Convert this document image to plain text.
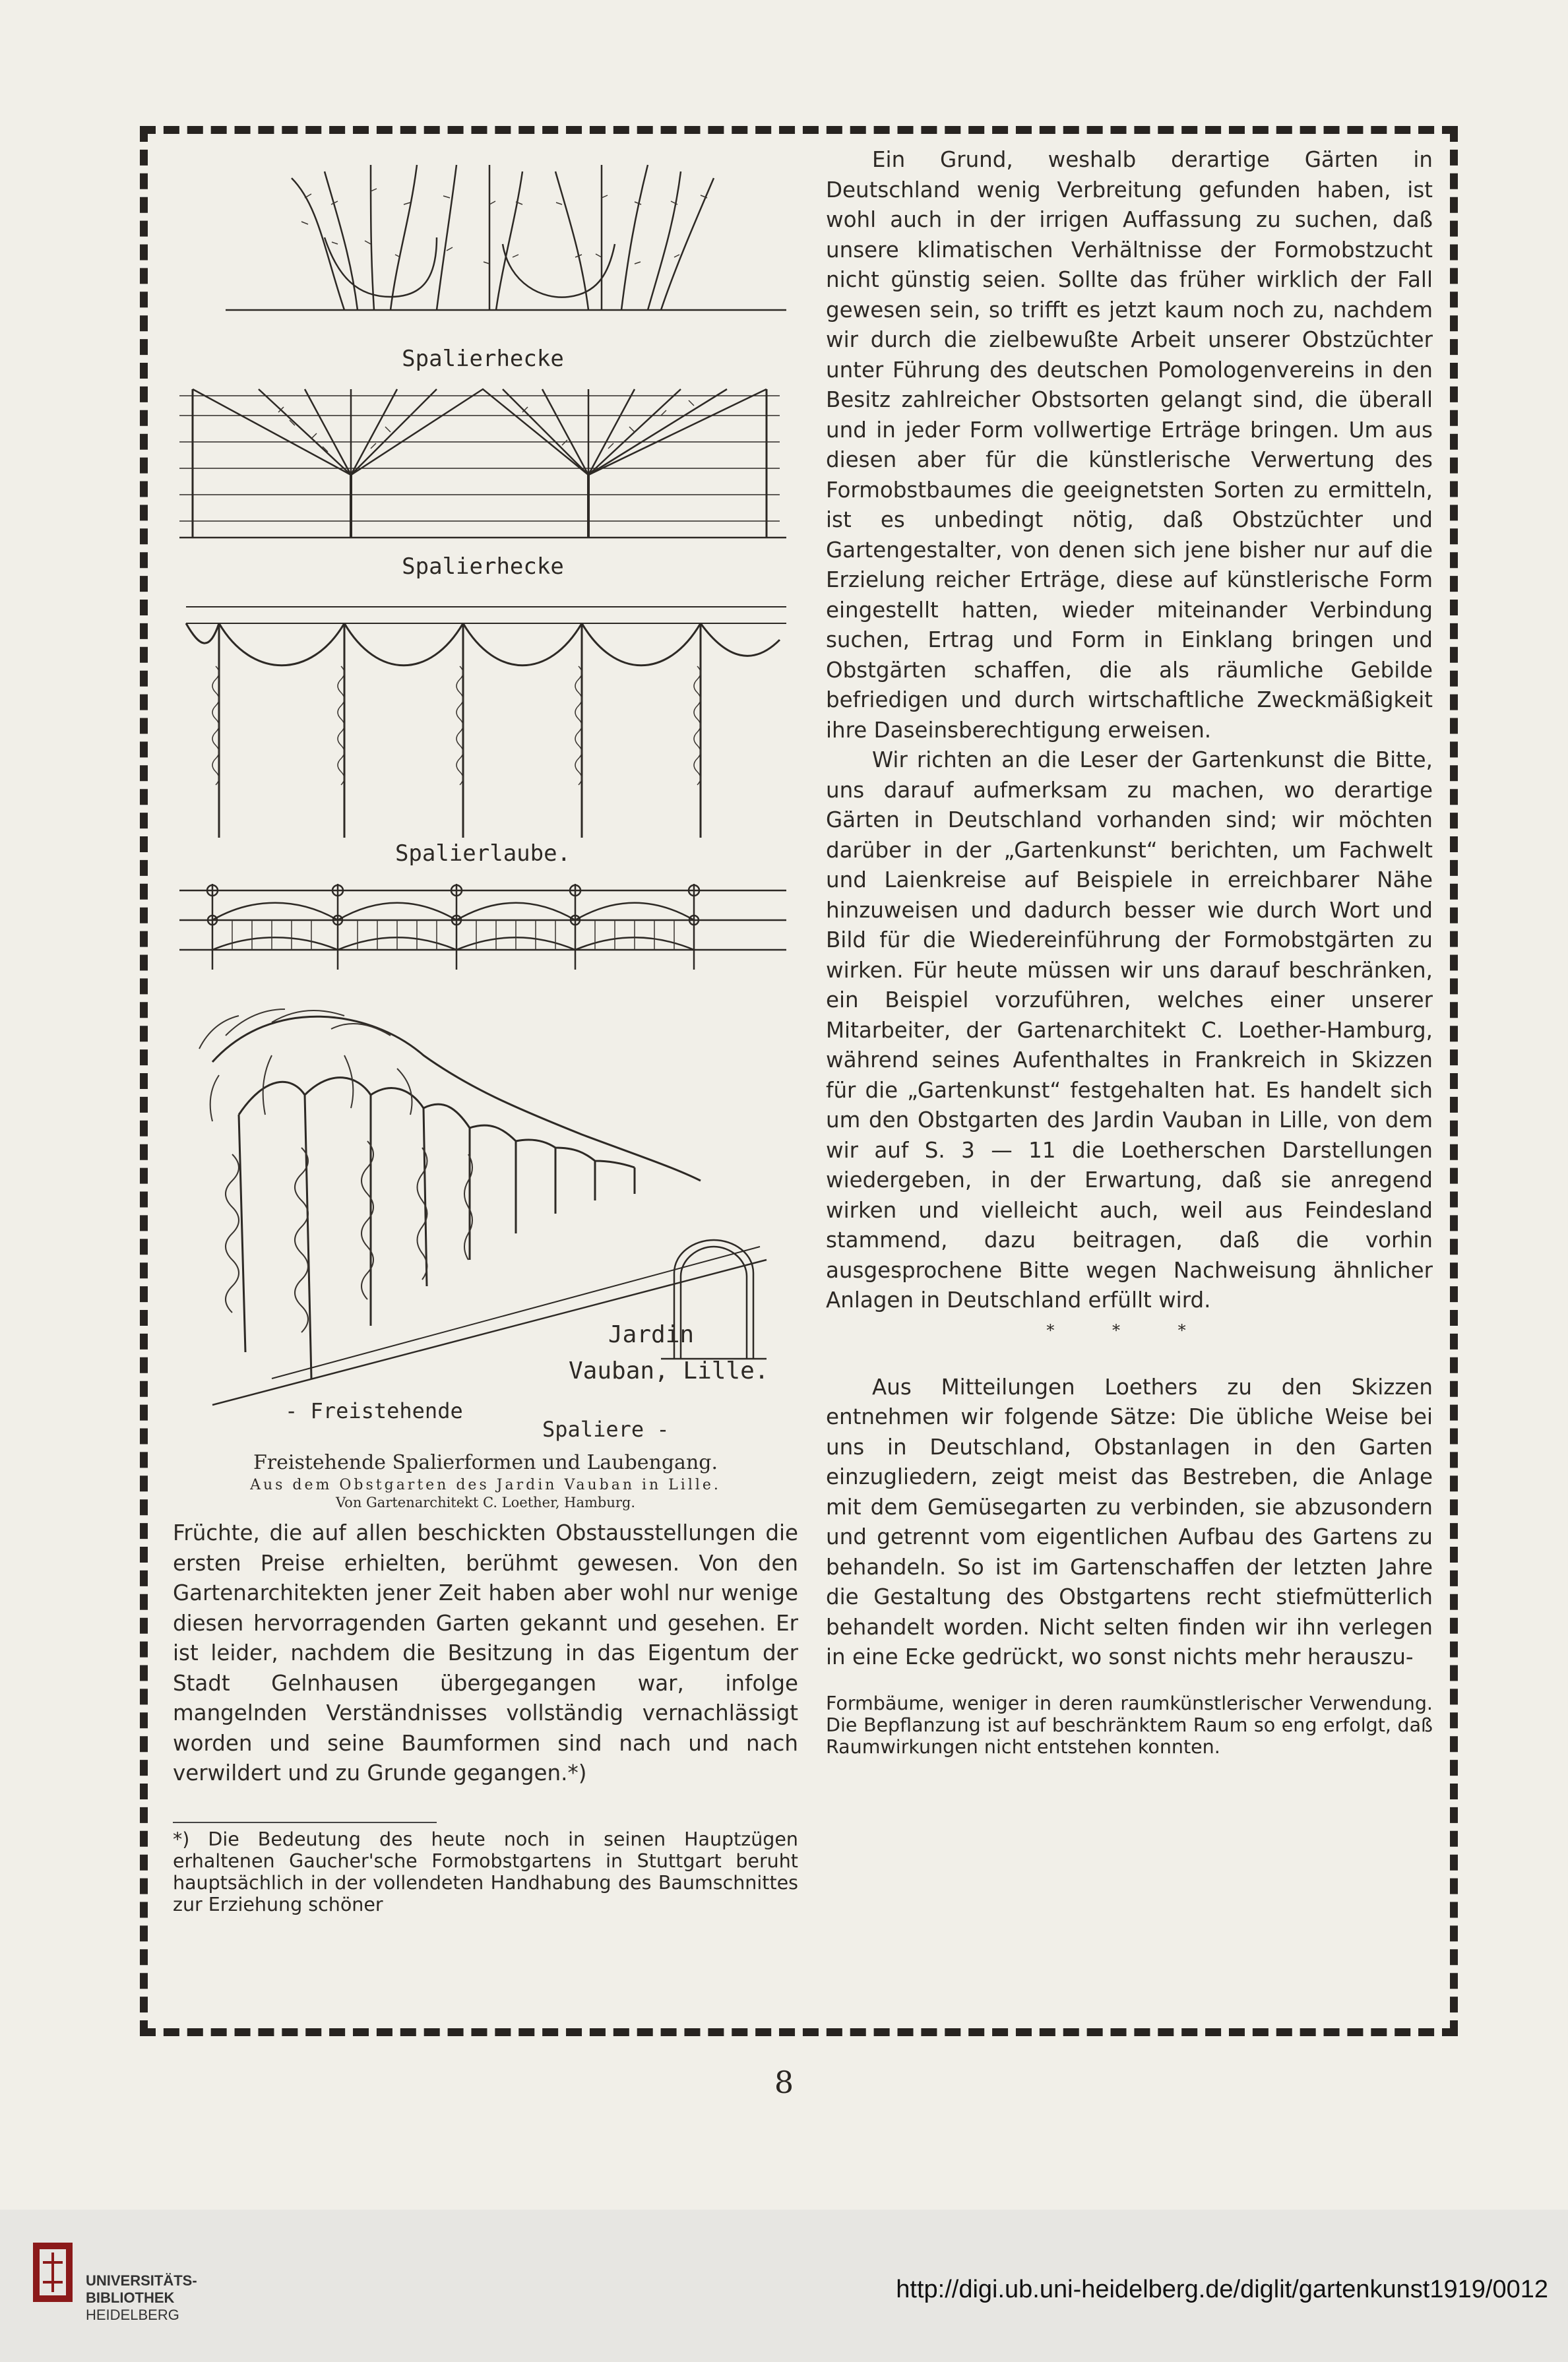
Spalierhecke
Spalierhecke
Spalierlaube.
Jardin
Vauban, Lille.
- Freistehende
Spaliere -
Freistehende Spalierformen und Laubengang.
Aus dem Obstgarten des Jardin Vauban in Lille.
Von Gartenarchitekt C. Loether, Hamburg.

Früchte, die auf allen beschickten Obstausstellungen die ersten Preise erhielten, berühmt gewesen. Von den Gartenarchitekten jener Zeit haben aber wohl nur wenige diesen hervorragenden Garten gekannt und gesehen. Er ist leider, nachdem die Besitzung in das Eigentum der Stadt Gelnhausen übergegangen war, infolge mangelnden Verständnisses vollständig vernachlässigt worden und seine Baumformen sind nach und nach verwildert und zu Grunde gegangen.*)

*) Die Bedeutung des heute noch in seinen Hauptzügen erhaltenen Gaucher'sche Formobstgartens in Stuttgart beruht hauptsächlich in der vollendeten Handhabung des Baumschnittes zur Erziehung schöner

Ein Grund, weshalb derartige Gärten in Deutschland wenig Verbreitung gefunden haben, ist wohl auch in der irrigen Auffassung zu suchen, daß unsere klimatischen Verhältnisse der Formobstzucht nicht günstig seien. Sollte das früher wirklich der Fall gewesen sein, so trifft es jetzt kaum noch zu, nachdem wir durch die zielbewußte Arbeit unserer Obstzüchter unter Führung des deutschen Pomologenvereins in den Besitz zahlreicher Obstsorten gelangt sind, die überall und in jeder Form vollwertige Erträge bringen. Um aus diesen aber für die künstlerische Verwertung des Formobstbaumes die geeignetsten Sorten zu ermitteln, ist es unbedingt nötig, daß Obstzüchter und Gartengestalter, von denen sich jene bisher nur auf die Erzielung reicher Erträge, diese auf künstlerische Form eingestellt hatten, wieder miteinander Verbindung suchen, Ertrag und Form in Einklang bringen und Obstgärten schaffen, die als räumliche Gebilde befriedigen und durch wirtschaftliche Zweckmäßigkeit ihre Daseinsberechtigung erweisen.

Wir richten an die Leser der Gartenkunst die Bitte, uns darauf aufmerksam zu machen, wo derartige Gärten in Deutschland vorhanden sind; wir möchten darüber in der „Gartenkunst“ berichten, um Fachwelt und Laienkreise auf Beispiele in erreichbarer Nähe hinzuweisen und dadurch besser wie durch Wort und Bild für die Wiedereinführung der Formobstgärten zu wirken. Für heute müssen wir uns darauf beschränken, ein Beispiel vorzuführen, welches einer unserer Mitarbeiter, der Gartenarchitekt C. Loether-Hamburg, während seines Aufenthaltes in Frankreich in Skizzen für die „Gartenkunst“ festgehalten hat. Es handelt sich um den Obstgarten des Jardin Vauban in Lille, von dem wir auf S. 3 — 11 die Loetherschen Darstellungen wiedergeben, in der Erwartung, daß sie anregend wirken und vielleicht auch, weil aus Feindesland stammend, dazu beitragen, daß die vorhin ausgesprochene Bitte wegen Nachweisung ähnlicher Anlagen in Deutschland erfüllt wird.

* * *

Aus Mitteilungen Loethers zu den Skizzen entnehmen wir folgende Sätze: Die übliche Weise bei uns in Deutschland, Obstanlagen in den Garten einzugliedern, zeigt meist das Bestreben, die Anlage mit dem Gemüsegarten zu verbinden, sie abzusondern und getrennt vom eigentlichen Aufbau des Gartens zu behandeln. So ist im Gartenschaffen der letzten Jahre die Gestaltung des Obstgartens recht stiefmütterlich behandelt worden. Nicht selten finden wir ihn verlegen in eine Ecke gedrückt, wo sonst nichts mehr herauszu-

Formbäume, weniger in deren raumkünstlerischer Verwendung. Die Bepflanzung ist auf beschränktem Raum so eng erfolgt, daß Raumwirkungen nicht entstehen konnten.
8
UNIVERSITÄTS-
BIBLIOTHEK
HEIDELBERG
http://digi.ub.uni-heidelberg.de/diglit/gartenkunst1919/0012
